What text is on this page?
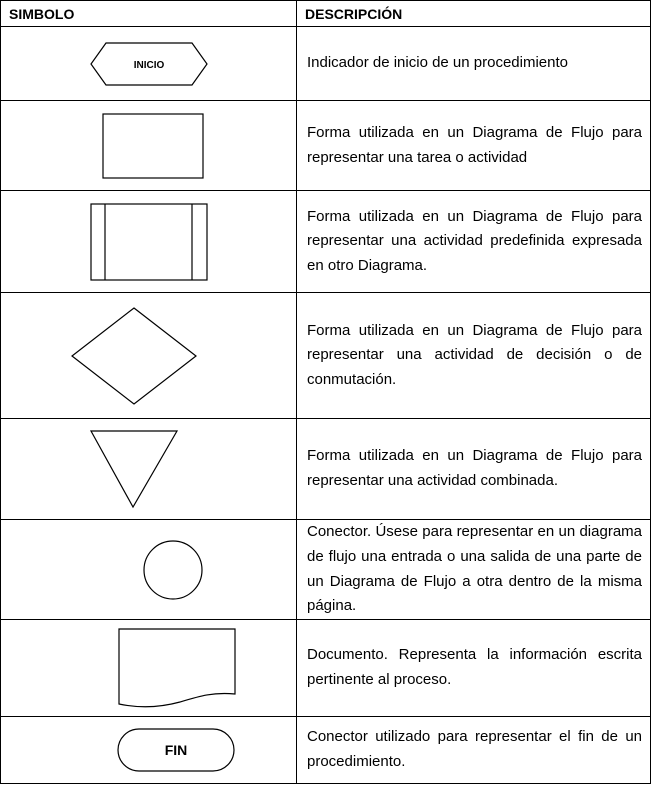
SIMBOLO	DESCRIPCIÓN

INICIO	Indicador de inicio de un procedimiento

Forma utilizada en un Diagrama de Flujo para representar una tarea o actividad

Forma utilizada en un Diagrama de Flujo para representar una actividad predefinida expresada en otro Diagrama.

Forma utilizada en un Diagrama de Flujo para representar una actividad de decisión o de conmutación.

Forma utilizada en un Diagrama de Flujo para representar una actividad combinada.

Conector. Úsese para representar en un diagrama de flujo una entrada o una salida de una parte de un Diagrama de Flujo a otra dentro de la misma página.

Documento. Representa la información escrita pertinente al proceso.

FIN	Conector utilizado para representar el fin de un procedimiento.
